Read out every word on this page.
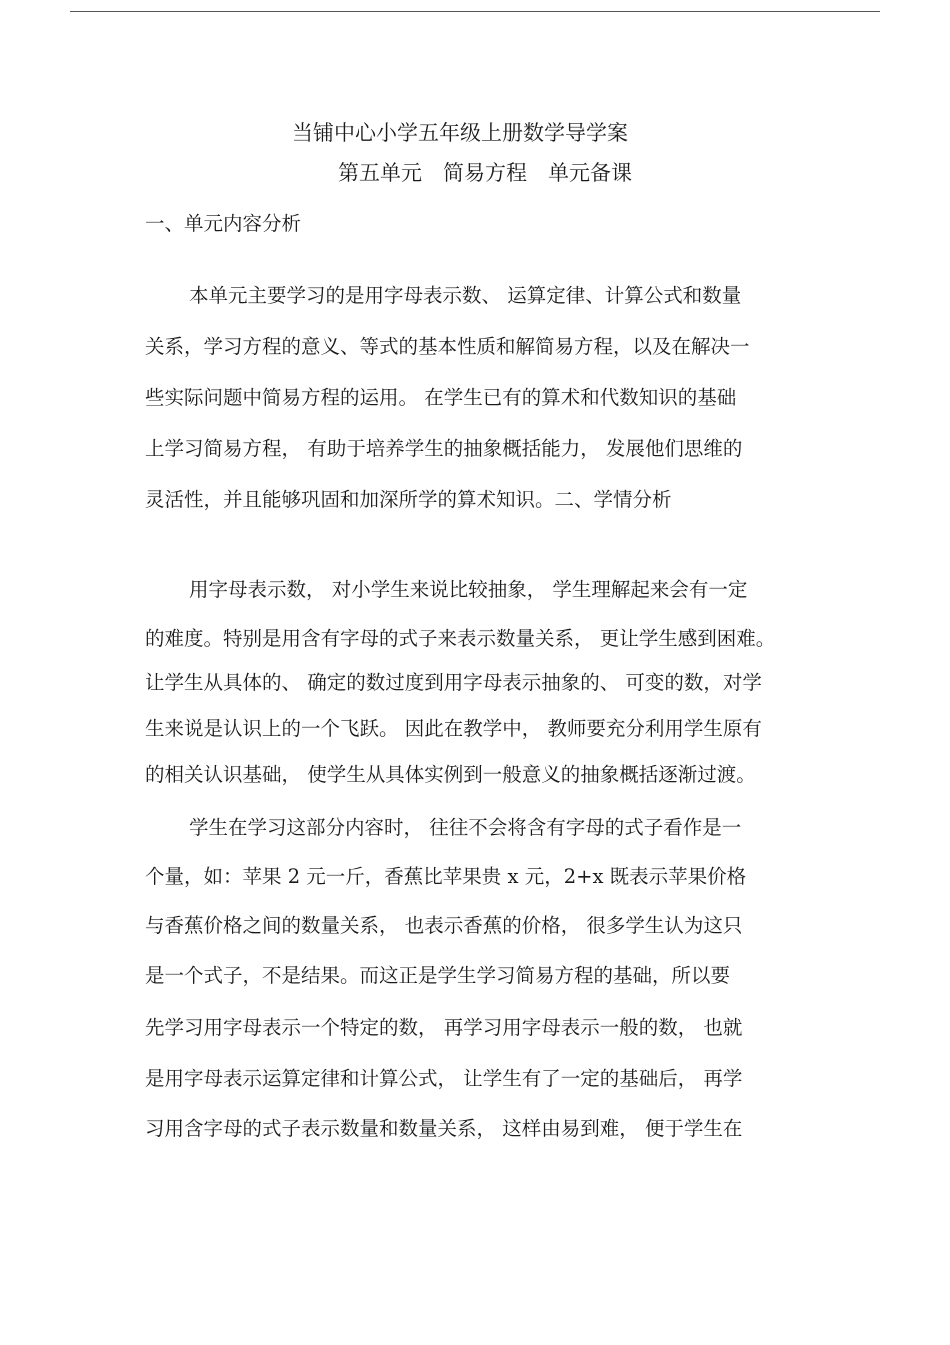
当铺中心小学五年级上册数学导学案
第五单元　简易方程　单元备课
一、单元内容分析
本单元主要学习的是用字母表示数、 运算定律、计算公式和数量
关系，学习方程的意义、等式的基本性质和解简易方程，以及在解决一
些实际问题中简易方程的运用。 在学生已有的算术和代数知识的基础
上学习简易方程， 有助于培养学生的抽象概括能力， 发展他们思维的
灵活性，并且能够巩固和加深所学的算术知识。二、学情分析
用字母表示数， 对小学生来说比较抽象， 学生理解起来会有一定
的难度。特别是用含有字母的式子来表示数量关系， 更让学生感到困难。
让学生从具体的、 确定的数过度到用字母表示抽象的、 可变的数，对学
生来说是认识上的一个飞跃。 因此在教学中， 教师要充分利用学生原有
的相关认识基础， 使学生从具体实例到一般意义的抽象概括逐渐过渡。
学生在学习这部分内容时， 往往不会将含有字母的式子看作是一
个量，如：苹果 2 元一斤，香蕉比苹果贵 x 元，2+x 既表示苹果价格
与香蕉价格之间的数量关系， 也表示香蕉的价格， 很多学生认为这只
是一个式子，不是结果。而这正是学生学习简易方程的基础，所以要
先学习用字母表示一个特定的数， 再学习用字母表示一般的数， 也就
是用字母表示运算定律和计算公式， 让学生有了一定的基础后， 再学
习用含字母的式子表示数量和数量关系， 这样由易到难， 便于学生在
